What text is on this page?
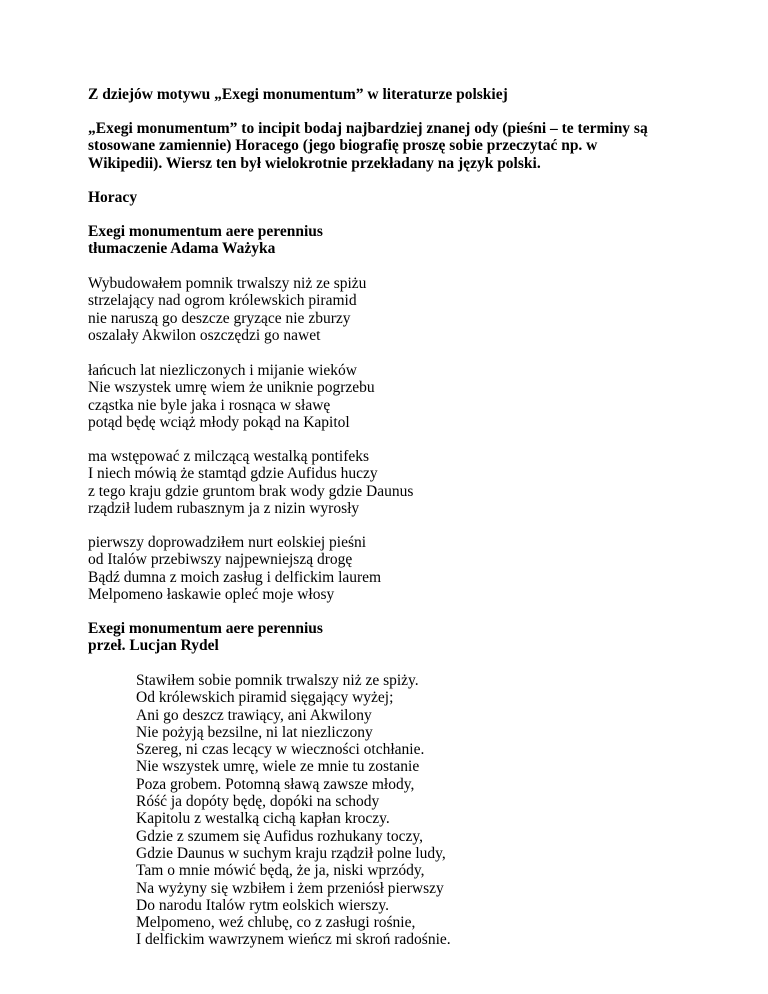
Z dziejów motywu „Exegi monumentum” w literaturze polskiej
„Exegi monumentum” to incipit bodaj najbardziej znanej ody (pieśni – te terminy są
stosowane zamiennie) Horacego (jego biografię proszę sobie przeczytać np. w
Wikipedii). Wiersz ten był wielokrotnie przekładany na język polski.
Horacy
Exegi monumentum aere perennius
tłumaczenie Adama Ważyka
Wybudowałem pomnik trwalszy niż ze spiżu
strzelający nad ogrom królewskich piramid
nie naruszą go deszcze gryzące nie zburzy
oszalały Akwilon oszczędzi go nawet
łańcuch lat niezliczonych i mijanie wieków
Nie wszystek umrę wiem że uniknie pogrzebu
cząstka nie byle jaka i rosnąca w sławę
potąd będę wciąż młody pokąd na Kapitol
ma wstępować z milczącą westalką pontifeks
I niech mówią że stamtąd gdzie Aufidus huczy
z tego kraju gdzie gruntom brak wody gdzie Daunus
rządził ludem rubasznym ja z nizin wyrosły
pierwszy doprowadziłem nurt eolskiej pieśni
od Italów przebiwszy najpewniejszą drogę
Bądź dumna z moich zasług i delfickim laurem
Melpomeno łaskawie opleć moje włosy
Exegi monumentum aere perennius
przeł. Lucjan Rydel
Stawiłem sobie pomnik trwalszy niż ze spiży.
Od królewskich piramid sięgający wyżej;
Ani go deszcz trawiący, ani Akwilony
Nie pożyją bezsilne, ni lat niezliczony
Szereg, ni czas lecący w wieczności otchłanie.
Nie wszystek umrę, wiele ze mnie tu zostanie
Poza grobem. Potomną sławą zawsze młody,
Róść ja dopóty będę, dopóki na schody
Kapitolu z westalką cichą kapłan kroczy.
Gdzie z szumem się Aufidus rozhukany toczy,
Gdzie Daunus w suchym kraju rządził polne ludy,
Tam o mnie mówić będą, że ja, niski wprzódy,
Na wyżyny się wzbiłem i żem przeniósł pierwszy
Do narodu Italów rytm eolskich wierszy.
Melpomeno, weź chlubę, co z zasługi rośnie,
I delfickim wawrzynem wieńcz mi skroń radośnie.
